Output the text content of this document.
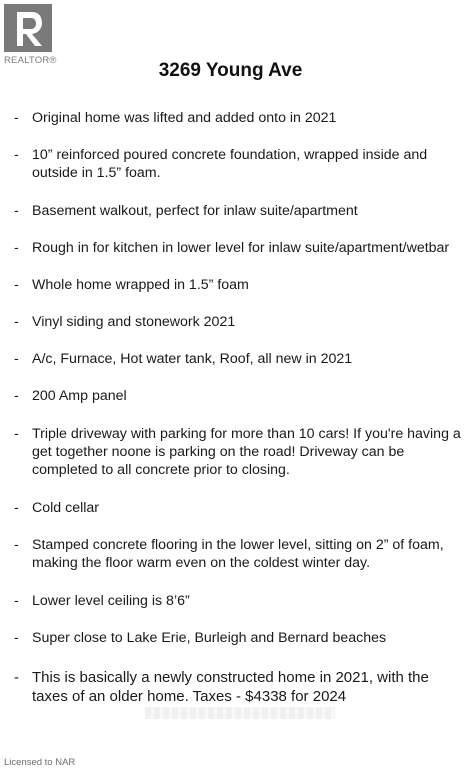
REALTOR®	3269 Young Ave
- Original home was lifted and added onto in 2021
- 10” reinforced poured concrete foundation, wrapped inside and outside in 1.5” foam.
- Basement walkout, perfect for inlaw suite/apartment
- Rough in for kitchen in lower level for inlaw suite/apartment/wetbar
- Whole home wrapped in 1.5” foam
- Vinyl siding and stonework 2021
- A/c, Furnace, Hot water tank, Roof, all new in 2021
- 200 Amp panel
- Triple driveway with parking for more than 10 cars! If you're having a get together noone is parking on the road! Driveway can be completed to all concrete prior to closing.
- Cold cellar
- Stamped concrete flooring in the lower level, sitting on 2” of foam, making the floor warm even on the coldest winter day.
- Lower level ceiling is 8’6”
- Super close to Lake Erie, Burleigh and Bernard beaches
- This is basically a newly constructed home in 2021, with the taxes of an older home. Taxes - $4338 for 2024
Licensed to NAR
